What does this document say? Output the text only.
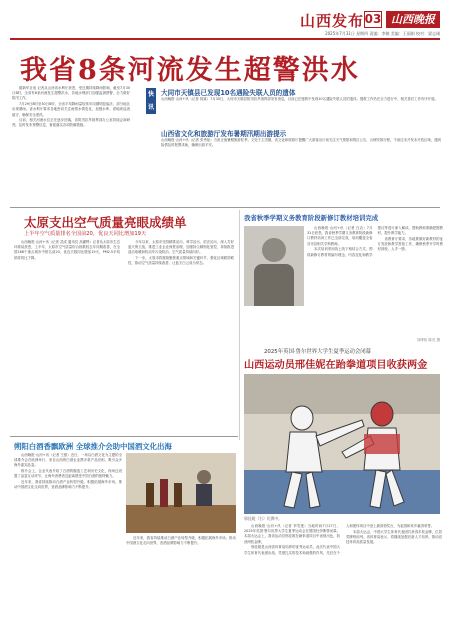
山西发布 03 山西晚报
2025年7月31日 星期四 责编：李敏 美编：王丽娟 校对：梁志刚
我省8条河流发生超警洪水

据新华社电 记者从山西省水利厅获悉，受近期持续降雨影响，截至7月30日8时，全省有8条河流发生超警洪水，各地水利部门加强监测预警，全力做好防汛工作。

7月29日8时至30日8时，全省平均降雨量较常年同期明显偏多，部分地区出现暴雨。省水利厅要求各地密切关注雨情水情变化，加强水库、淤地坝巡查值守，确保安全度汛。

目前，相关河流水位正在逐步回落，省防汛抗旱指挥部办公室持续会商研判，及时发布预警信息，督促落实各项防御措施。

快讯
大同市天镇县已发现10名遇险失联人员的遗体
山西晚报·山河+讯（记者 郭斌）7月30日，大同市天镇县防汛抗旱指挥部发布消息，目前已在搜救中发现10名遇险失联人员的遗体。搜救工作仍在全力进行中，相关善后工作有序开展。
山西省文化和旅游厅发布暑期汛期出游提示
山西晚报·山河+讯（记者 张秀茹）当前正值暑期旅游旺季，又处于主汛期，省文化和旅游厅提醒广大游客出行前关注天气预报和景区公告，合理安排行程，不前往未开发未开放区域，遇到险情及时报警求助，确保出游平安。
太原支出空气质量亮眼成绩单
上半年空气质量排名全国前20，优良天同比增加19天

山西晚报·山河+讯（记者 武成 通讯员 高灌桦）记者从太原市生态环境局获悉，上半年，太原市空气质量综合指数较去年同期改善，在全国168个重点城市中排名前20，优良天数同比增加19天，PM2.5平均浓度同比下降。

今年以来，太原市坚持精准治污、科学治污、依法治污，深入打好蓝天保卫战，推进工业企业深度治理，加强扬尘精细化管控，持续推进清洁取暖和机动车污染防治，空气质量持续向好。

下一步，太原市将继续聚焦重点领域和关键环节，强化区域联防联控，推动空气质量持续改善，让蓝天白云成为常态。

我省秋季学期义务教育阶段新修订教材培训完成

山西晚报·山河+讯（记者 白洁）7月31日获悉，我省秋季学期义务教育阶段新修订教材培训工作已全部完成，培训覆盖全省各市县相关学科教师。

本次培训采用线上线下相结合方式，围绕新修订教材的编写理念、内容变化和教学建议等进行深入解读，帮助教师准确把握教材，提升教学能力。

省教育厅要求，各地要做好新教材的征订发放和教学准备工作，确保秋季开学时教材到校、人手一册。

刘博伟 陈亮 摄
2025年英国·鲁尔世界大学生夏季运动会闭幕
山西运动员邢佳妮在跆拳道项目收获两金
邢佳妮（右）比赛中。

山西晚报·山河+讯（记者 李雪莲）当地时间7月27日，2025年英国·鲁尔世界大学生夏季运动会在德国杜伊斯堡闭幕。本届大运会上，我省运动员邢佳妮在跆拳道项目中表现出色，收获两枚金牌。

邢佳妮是山西省体育局培养的优秀运动员，此次代表中国大学生体育代表团出战，凭借扎实的技术和顽强的作风，先后在个人和团体项目中登上最高领奖台，为祖国和家乡赢得荣誉。

本届大运会，中国大学生体育代表团共获得多枚金牌，位居奖牌榜前列。省体育局表示，将继续加强后备人才培养，推动竞技体育高质量发展。

朔阳白酒香飘欧洲 全球推介会助中国酒文化出海

山西晚报·山河+讯（记者 王强）近日，一场以白酒文化为主题的全球推介会在欧洲举行，来自山西的白酒企业携多款产品亮相，吸引众多海外嘉宾品鉴。

推介会上，企业代表介绍了白酒的酿造工艺和历史文化，现场还设置了品鉴互动环节，让海外消费者近距离感受中国白酒的独特魅力。

近年来，我省持续推动白酒产业转型升级，积极拓展海外市场，推动中国酒文化走向世界，晋酒品牌影响力不断提升。

近年来，我省持续推动白酒产业转型升级，积极拓展海外市场，推动中国酒文化走向世界，晋酒品牌影响力不断提升。
